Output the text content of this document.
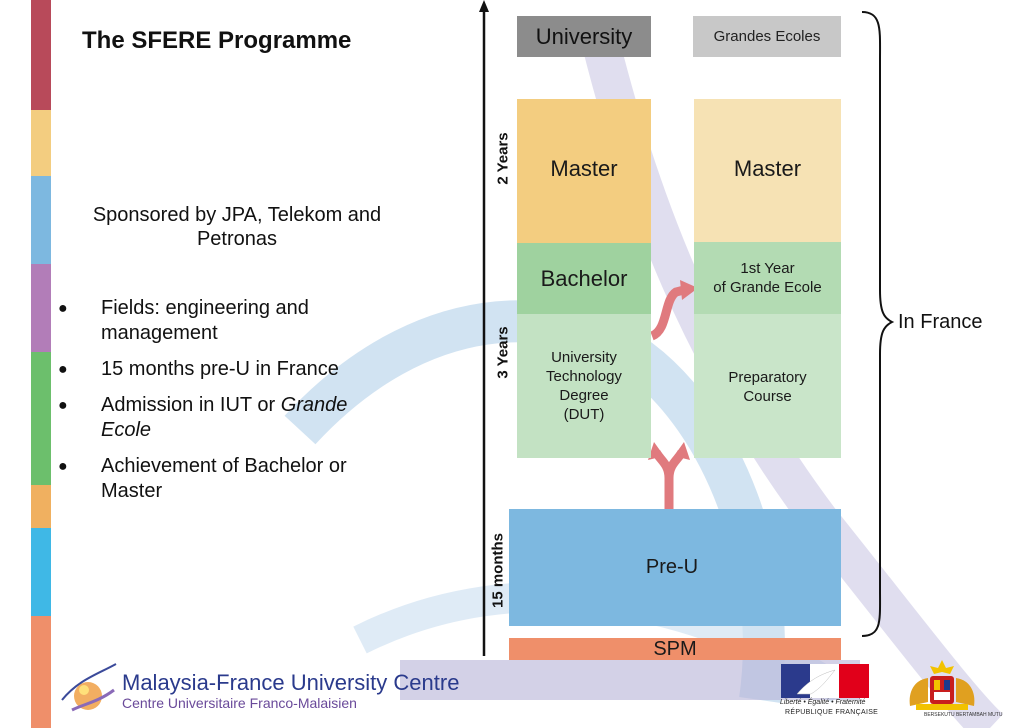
The SFERE Programme
Sponsored by JPA, Telekom and
Petronas
● Fields: engineering and
management
● 15 months pre-U in France
● Admission in IUT or Grande
Ecole
● Achievement of Bachelor or
Master
University	Grandes Ecoles
Master	Master
Bachelor	1st Year
of Grande Ecole
University
Technology
Degree
(DUT)
Preparatory
Course
Pre-U
SPM
2 Years
3 Years
15 months
In France
Malaysia-France University Centre
Centre Universitaire Franco-Malaisien	Liberté • Égalité • Fraternité
RÉPUBLIQUE FRANÇAISE	BERSEKUTU BERTAMBAH MUTU
